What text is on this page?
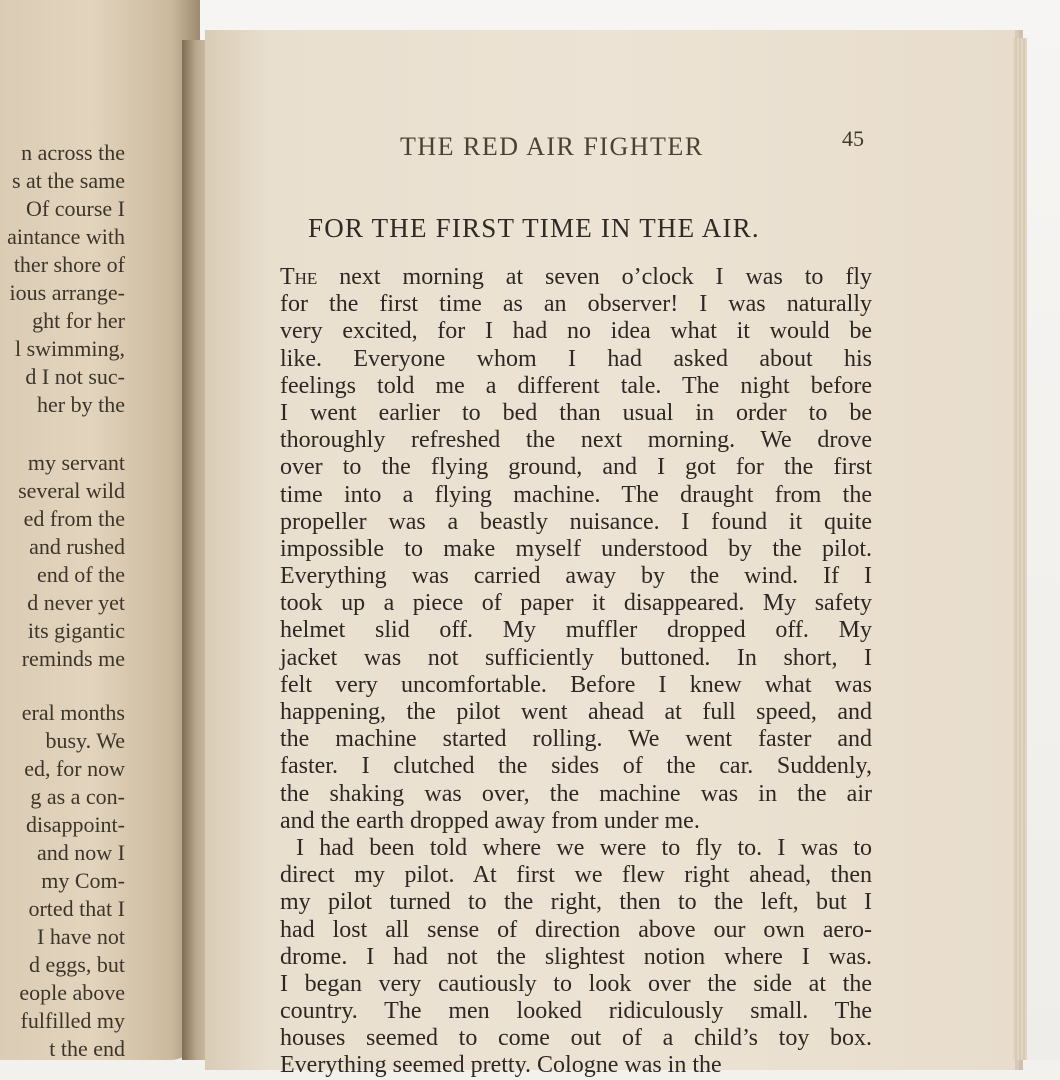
n across the
s at the same
Of course I
aintance with
ther shore of
ious arrange-
ght for her
l swimming,
d I not suc-
her by the
my servant
several wild
ed from the
and rushed
end of the
d never yet
its gigantic
reminds me
eral months
busy. We
ed, for now
g as a con-
disappoint-
and now I
my Com-
orted that I
I have not
d eggs, but
eople above
fulfilled my
t the end
THE RED AIR FIGHTER	45
FOR THE FIRST TIME IN THE AIR.
The next morning at seven o’clock I was to fly
for the first time as an observer! I was naturally
very excited, for I had no idea what it would be
like. Everyone whom I had asked about his
feelings told me a different tale. The night before
I went earlier to bed than usual in order to be
thoroughly refreshed the next morning. We drove
over to the flying ground, and I got for the first
time into a flying machine. The draught from the
propeller was a beastly nuisance. I found it quite
impossible to make myself understood by the pilot.
Everything was carried away by the wind. If I
took up a piece of paper it disappeared. My safety
helmet slid off. My muffler dropped off. My
jacket was not sufficiently buttoned. In short, I
felt very uncomfortable. Before I knew what was
happening, the pilot went ahead at full speed, and
the machine started rolling. We went faster and
faster. I clutched the sides of the car. Suddenly,
the shaking was over, the machine was in the air
and the earth dropped away from under me.
I had been told where we were to fly to. I was to
direct my pilot. At first we flew right ahead, then
my pilot turned to the right, then to the left, but I
had lost all sense of direction above our own aero-
drome. I had not the slightest notion where I was.
I began very cautiously to look over the side at the
country. The men looked ridiculously small. The
houses seemed to come out of a child’s toy box.
Everything seemed pretty. Cologne was in the
